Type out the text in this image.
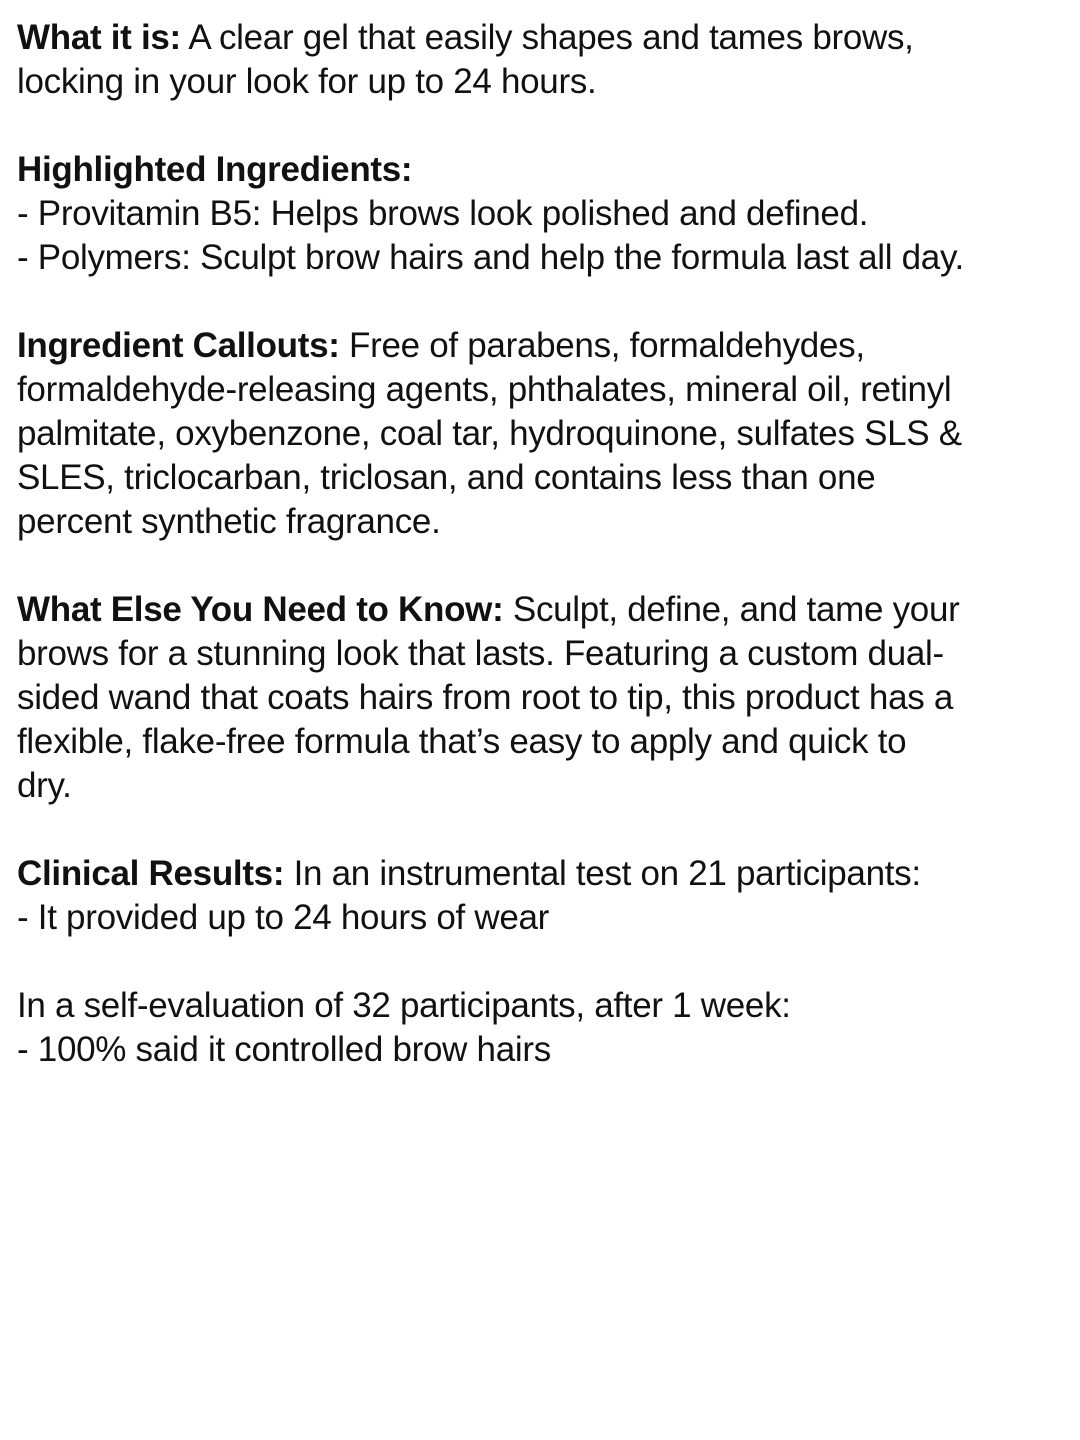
What it is: A clear gel that easily shapes and tames brows,
locking in your look for up to 24 hours.
Highlighted Ingredients:
- Provitamin B5: Helps brows look polished and defined.
- Polymers: Sculpt brow hairs and help the formula last all day.
Ingredient Callouts: Free of parabens, formaldehydes,
formaldehyde-releasing agents, phthalates, mineral oil, retinyl
palmitate, oxybenzone, coal tar, hydroquinone, sulfates SLS &
SLES, triclocarban, triclosan, and contains less than one
percent synthetic fragrance.
What Else You Need to Know: Sculpt, define, and tame your
brows for a stunning look that lasts. Featuring a custom dual-
sided wand that coats hairs from root to tip, this product has a
flexible, flake-free formula that’s easy to apply and quick to
dry.
Clinical Results: In an instrumental test on 21 participants:
- It provided up to 24 hours of wear
In a self-evaluation of 32 participants, after 1 week:
- 100% said it controlled brow hairs
